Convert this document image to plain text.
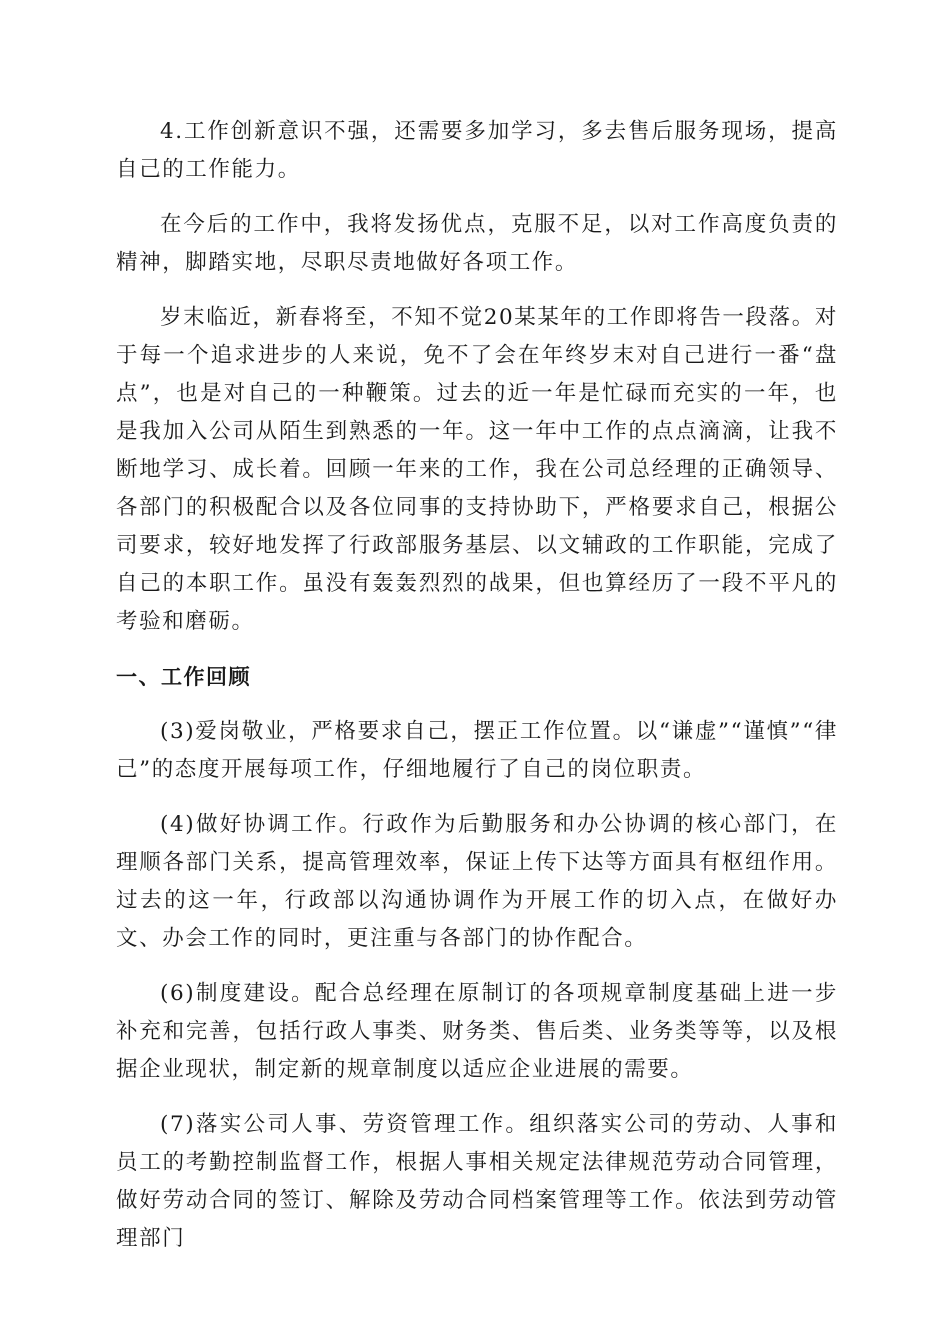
4.工作创新意识不强，还需要多加学习，多去售后服务现场，提高自己的工作能力。

在今后的工作中，我将发扬优点，克服不足，以对工作高度负责的精神，脚踏实地，尽职尽责地做好各项工作。

岁末临近，新春将至，不知不觉20某某年的工作即将告一段落。对于每一个追求进步的人来说，免不了会在年终岁末对自己进行一番“盘点”，也是对自己的一种鞭策。过去的近一年是忙碌而充实的一年，也是我加入公司从陌生到熟悉的一年。这一年中工作的点点滴滴，让我不断地学习、成长着。回顾一年来的工作，我在公司总经理的正确领导、各部门的积极配合以及各位同事的支持协助下，严格要求自己，根据公司要求，较好地发挥了行政部服务基层、以文辅政的工作职能，完成了自己的本职工作。虽没有轰轰烈烈的战果，但也算经历了一段不平凡的考验和磨砺。

一、工作回顾

(3)爱岗敬业，严格要求自己，摆正工作位置。以“谦虚”“谨慎”“律己”的态度开展每项工作，仔细地履行了自己的岗位职责。

(4)做好协调工作。行政作为后勤服务和办公协调的核心部门，在理顺各部门关系，提高管理效率，保证上传下达等方面具有枢纽作用。过去的这一年，行政部以沟通协调作为开展工作的切入点，在做好办文、办会工作的同时，更注重与各部门的协作配合。

(6)制度建设。配合总经理在原制订的各项规章制度基础上进一步补充和完善，包括行政人事类、财务类、售后类、业务类等等，以及根据企业现状，制定新的规章制度以适应企业进展的需要。

(7)落实公司人事、劳资管理工作。组织落实公司的劳动、人事和员工的考勤控制监督工作，根据人事相关规定法律规范劳动合同管理，做好劳动合同的签订、解除及劳动合同档案管理等工作。依法到劳动管理部门
